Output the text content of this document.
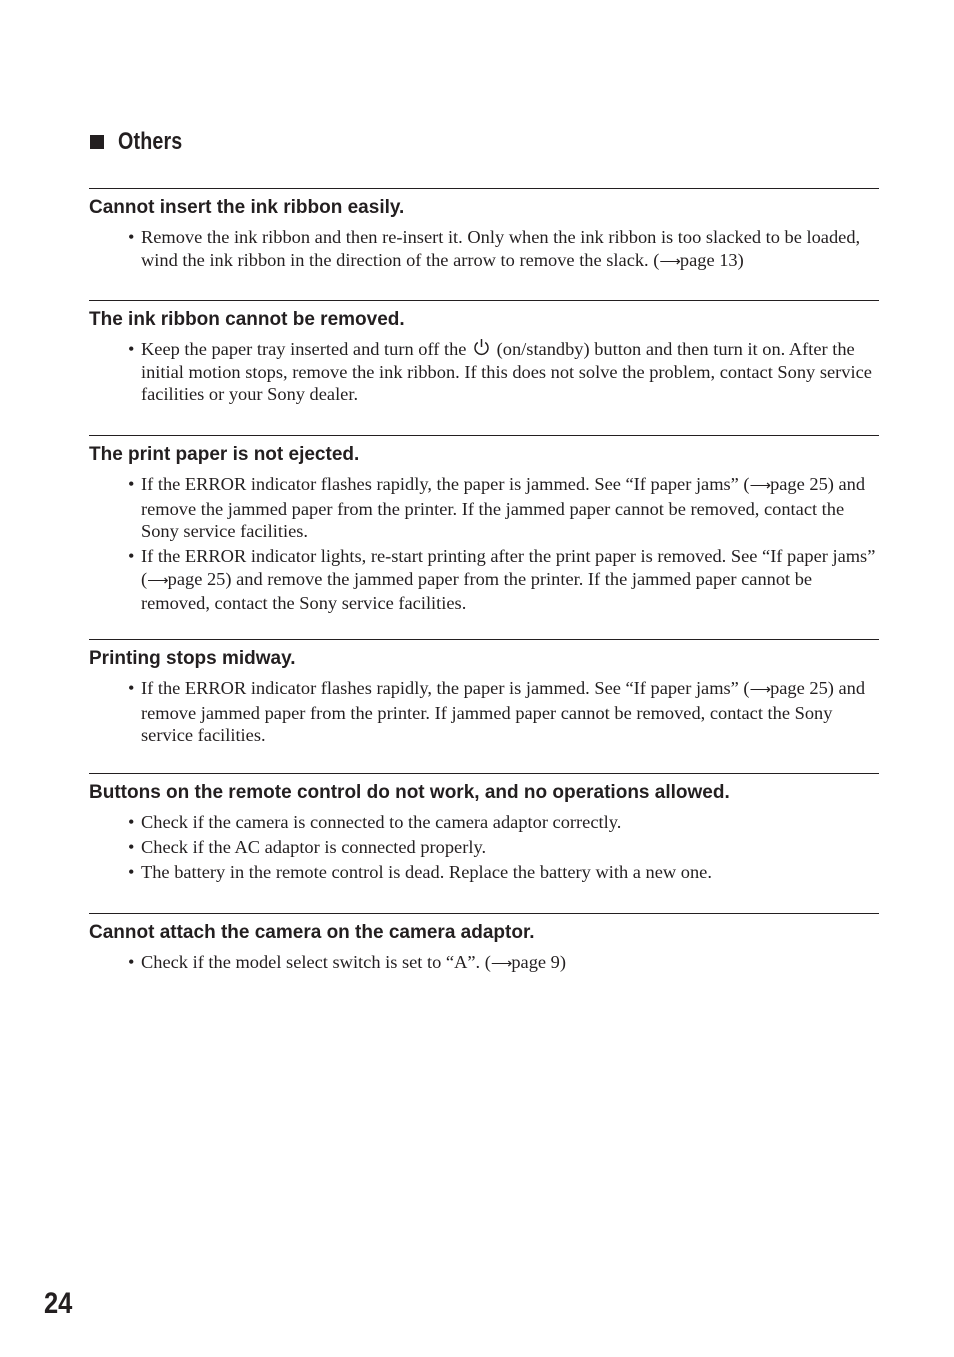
Others
Cannot insert the ink ribbon easily.
• Remove the ink ribbon and then re-insert it. Only when the ink ribbon is too slacked to be loaded, wind the ink ribbon in the direction of the arrow to remove the slack. (⟶page 13)
The ink ribbon cannot be removed.
• Keep the paper tray inserted and turn off the  (on/standby) button and then turn it on. After the initial motion stops, remove the ink ribbon. If this does not solve the problem, contact Sony service facilities or your Sony dealer.
The print paper is not ejected.
• If the ERROR indicator flashes rapidly, the paper is jammed. See “If paper jams” (⟶page 25) and remove the jammed paper from the printer. If the jammed paper cannot be removed, contact the Sony service facilities.
• If the ERROR indicator lights, re-start printing after the print paper is removed. See “If paper jams” (⟶page 25) and remove the jammed paper from the printer. If the jammed paper cannot be removed, contact the Sony service facilities.
Printing stops midway.
• If the ERROR indicator flashes rapidly, the paper is jammed. See “If paper jams” (⟶page 25) and remove jammed paper from the printer. If jammed paper cannot be removed, contact the Sony service facilities.
Buttons on the remote control do not work, and no operations allowed.
• Check if the camera is connected to the camera adaptor correctly.
• Check if the AC adaptor is connected properly.
• The battery in the remote control is dead. Replace the battery with a new one.
Cannot attach the camera on the camera adaptor.
• Check if the model select switch is set to “A”. (⟶page 9)
24
